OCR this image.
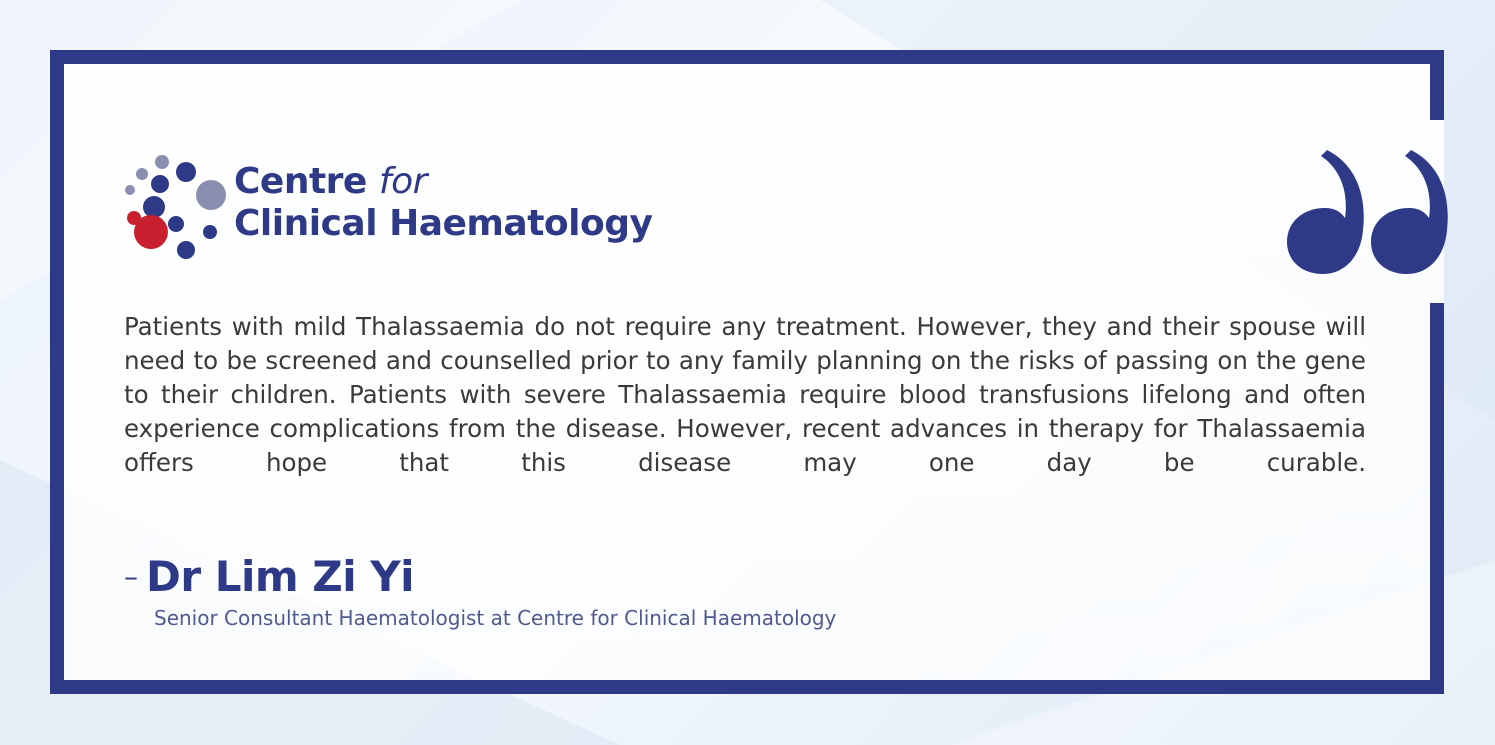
Centre for
Clinical Haematology

Patients with mild Thalassaemia do not require any treatment. However, they and their spouse will need to be screened and counselled prior to any family planning on the risks of passing on the gene to their children. Patients with severe Thalassaemia require blood transfusions lifelong and often experience complications from the disease. However, recent advances in therapy for Thalassaemia offers hope that this disease may one day be curable.

– Dr Lim Zi Yi
Senior Consultant Haematologist at Centre for Clinical Haematology
